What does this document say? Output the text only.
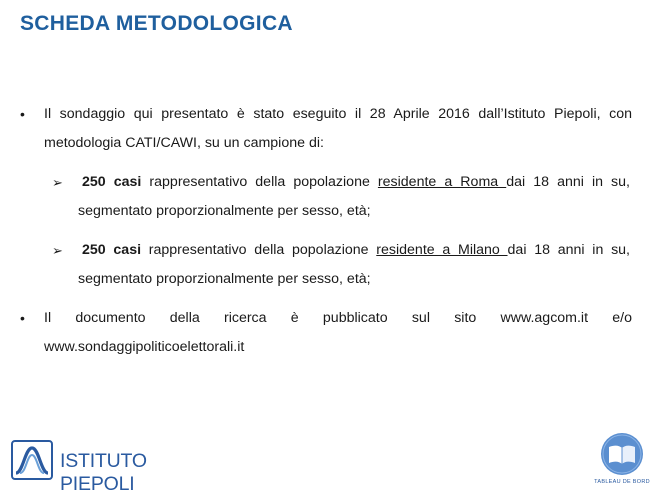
SCHEDA METODOLOGICA
• Il sondaggio qui presentato è stato eseguito il 28 Aprile 2016 dall’Istituto Piepoli, con metodologia CATI/CAWI, su un campione di:
➢ 250 casi rappresentativo della popolazione residente a Roma dai 18 anni in su, segmentato proporzionalmente per sesso, età;
➢ 250 casi rappresentativo della popolazione residente a Milano dai 18 anni in su, segmentato proporzionalmente per sesso, età;
• Il documento della ricerca è pubblicato sul sito www.agcom.it e/o www.sondaggipoliticoelettorali.it
ISTITUTO PIEPOLI	TABLEAU DE BORD
